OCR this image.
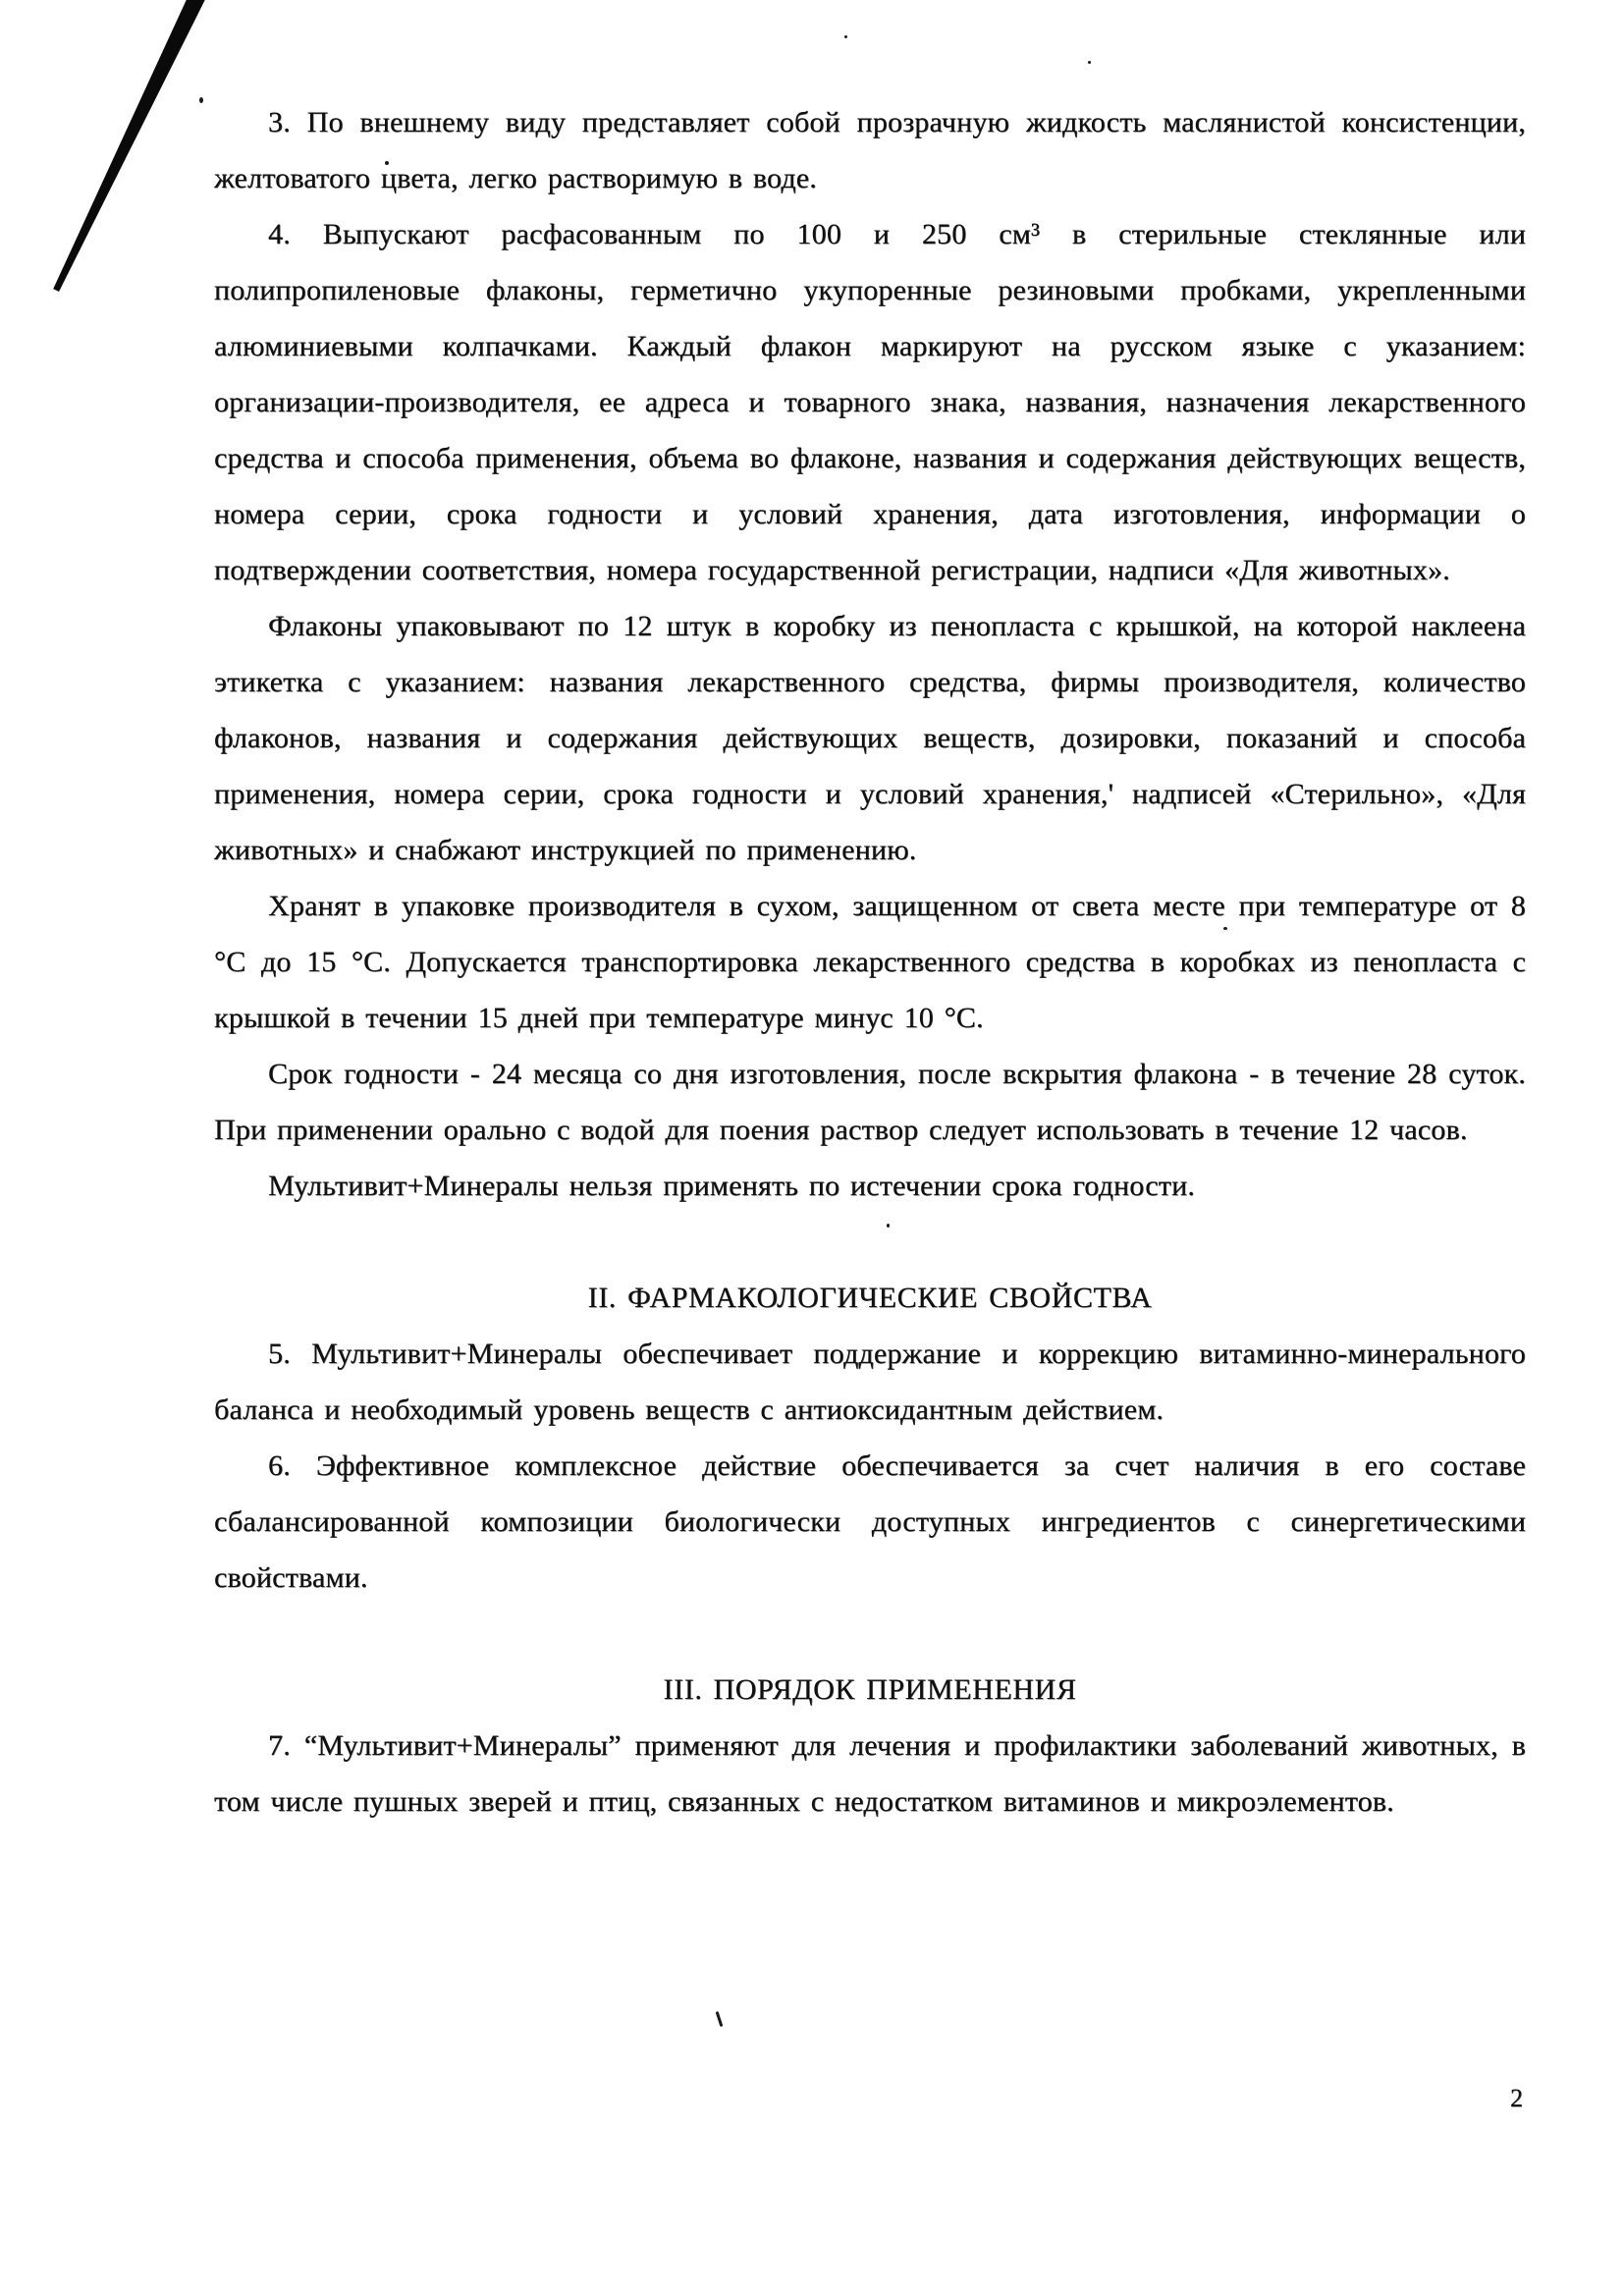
3. По внешнему виду представляет собой прозрачную жидкость маслянистой консистенции, желтоватого цвета, легко растворимую в воде.

4. Выпускают расфасованным по 100 и 250 см³ в стерильные стеклянные или полипропиленовые флаконы, герметично укупоренные резиновыми пробками, укрепленными алюминиевыми колпачками. Каждый флакон маркируют на русском языке с указанием: организации-производителя, ее адреса и товарного знака, названия, назначения лекарственного средства и способа применения, объема во флаконе, названия и содержания действующих веществ, номера серии, срока годности и условий хранения, дата изготовления, информации о подтверждении соответствия, номера государственной регистрации, надписи «Для животных».

Флаконы упаковывают по 12 штук в коробку из пенопласта с крышкой, на которой наклеена этикетка с указанием: названия лекарственного средства, фирмы производителя, количество флаконов, названия и содержания действующих веществ, дозировки, показаний и способа применения, номера серии, срока годности и условий хранения,' надписей «Стерильно», «Для животных» и снабжают инструкцией по применению.

Хранят в упаковке производителя в сухом, защищенном от света месте при температуре от 8 °С до 15 °С. Допускается транспортировка лекарственного средства в коробках из пенопласта с крышкой в течении 15 дней при температуре минус 10 °С.

Срок годности - 24 месяца со дня изготовления, после вскрытия флакона - в течение 28 суток. При применении орально с водой для поения раствор следует использовать в течение 12 часов.

Мультивит+Минералы нельзя применять по истечении срока годности.

II. ФАРМАКОЛОГИЧЕСКИЕ СВОЙСТВА

5. Мультивит+Минералы обеспечивает поддержание и коррекцию витаминно-минерального баланса и необходимый уровень веществ с антиоксидантным действием.

6. Эффективное комплексное действие обеспечивается за счет наличия в его составе сбалансированной композиции биологически доступных ингредиентов с синергетическими свойствами.

III. ПОРЯДОК ПРИМЕНЕНИЯ

7. “Мультивит+Минералы” применяют для лечения и профилактики заболеваний животных, в том числе пушных зверей и птиц, связанных с недостатком витаминов и микроэлементов.

2
